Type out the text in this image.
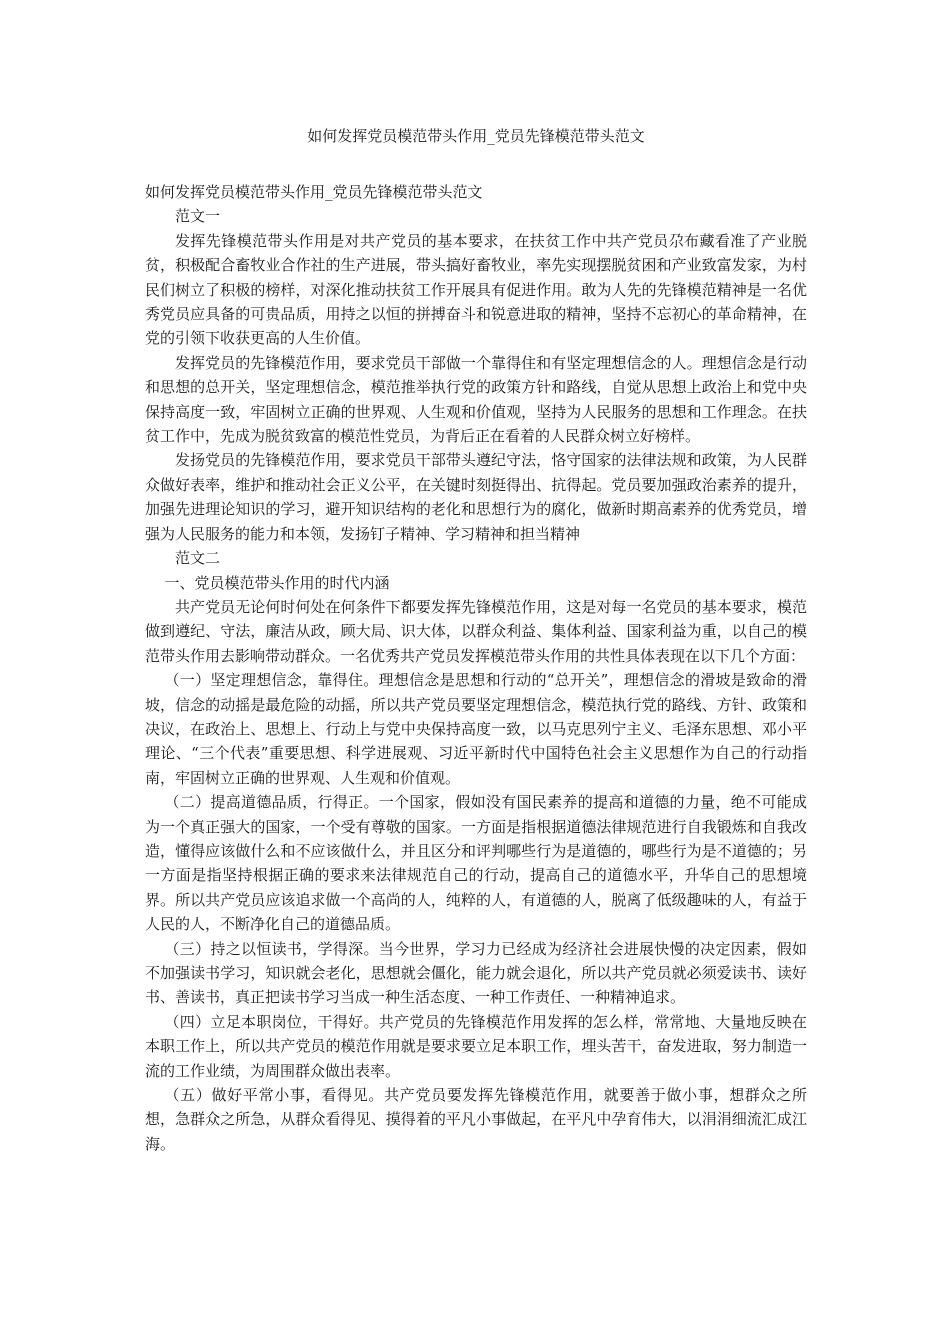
如何发挥党员模范带头作用_党员先锋模范带头范文

如何发挥党员模范带头作用_党员先锋模范带头范文

范文一

发挥先锋模范带头作用是对共产党员的基本要求，在扶贫工作中共产党员尕布藏看准了产业脱贫，积极配合畜牧业合作社的生产进展，带头搞好畜牧业，率先实现摆脱贫困和产业致富发家，为村民们树立了积极的榜样，对深化推动扶贫工作开展具有促进作用。敢为人先的先锋模范精神是一名优秀党员应具备的可贵品质，用持之以恒的拼搏奋斗和锐意进取的精神，坚持不忘初心的革命精神，在党的引领下收获更高的人生价值。

发挥党员的先锋模范作用，要求党员干部做一个靠得住和有坚定理想信念的人。理想信念是行动和思想的总开关，坚定理想信念，模范推举执行党的政策方针和路线，自觉从思想上政治上和党中央保持高度一致，牢固树立正确的世界观、人生观和价值观，坚持为人民服务的思想和工作理念。在扶贫工作中，先成为脱贫致富的模范性党员，为背后正在看着的人民群众树立好榜样。

发扬党员的先锋模范作用，要求党员干部带头遵纪守法，恪守国家的法律法规和政策，为人民群众做好表率，维护和推动社会正义公平，在关键时刻挺得出、抗得起。党员要加强政治素养的提升，加强先进理论知识的学习，避开知识结构的老化和思想行为的腐化，做新时期高素养的优秀党员，增强为人民服务的能力和本领，发扬钉子精神、学习精神和担当精神

范文二

一、党员模范带头作用的时代内涵

共产党员无论何时何处在何条件下都要发挥先锋模范作用，这是对每一名党员的基本要求，模范做到遵纪、守法，廉洁从政，顾大局、识大体，以群众利益、集体利益、国家利益为重，以自己的模范带头作用去影响带动群众。一名优秀共产党员发挥模范带头作用的共性具体表现在以下几个方面：

（一）坚定理想信念，靠得住。理想信念是思想和行动的“总开关”，理想信念的滑坡是致命的滑坡，信念的动摇是最危险的动摇，所以共产党员要坚定理想信念，模范执行党的路线、方针、政策和决议，在政治上、思想上、行动上与党中央保持高度一致，以马克思列宁主义、毛泽东思想、邓小平理论、“三个代表”重要思想、科学进展观、习近平新时代中国特色社会主义思想作为自己的行动指南，牢固树立正确的世界观、人生观和价值观。

（二）提高道德品质，行得正。一个国家，假如没有国民素养的提高和道德的力量，绝不可能成为一个真正强大的国家，一个受有尊敬的国家。一方面是指根据道德法律规范进行自我锻炼和自我改造，懂得应该做什么和不应该做什么，并且区分和评判哪些行为是道德的，哪些行为是不道德的；另一方面是指坚持根据正确的要求来法律规范自己的行动，提高自己的道德水平，升华自己的思想境界。所以共产党员应该追求做一个高尚的人，纯粹的人，有道德的人，脱离了低级趣味的人，有益于人民的人，不断净化自己的道德品质。

（三）持之以恒读书，学得深。当今世界，学习力已经成为经济社会进展快慢的决定因素，假如不加强读书学习，知识就会老化，思想就会僵化，能力就会退化，所以共产党员就必须爱读书、读好书、善读书，真正把读书学习当成一种生活态度、一种工作责任、一种精神追求。

（四）立足本职岗位，干得好。共产党员的先锋模范作用发挥的怎么样，常常地、大量地反映在本职工作上，所以共产党员的模范作用就是要求要立足本职工作，埋头苦干，奋发进取，努力制造一流的工作业绩，为周围群众做出表率。

（五）做好平常小事，看得见。共产党员要发挥先锋模范作用，就要善于做小事，想群众之所想，急群众之所急，从群众看得见、摸得着的平凡小事做起，在平凡中孕育伟大，以涓涓细流汇成江海。
